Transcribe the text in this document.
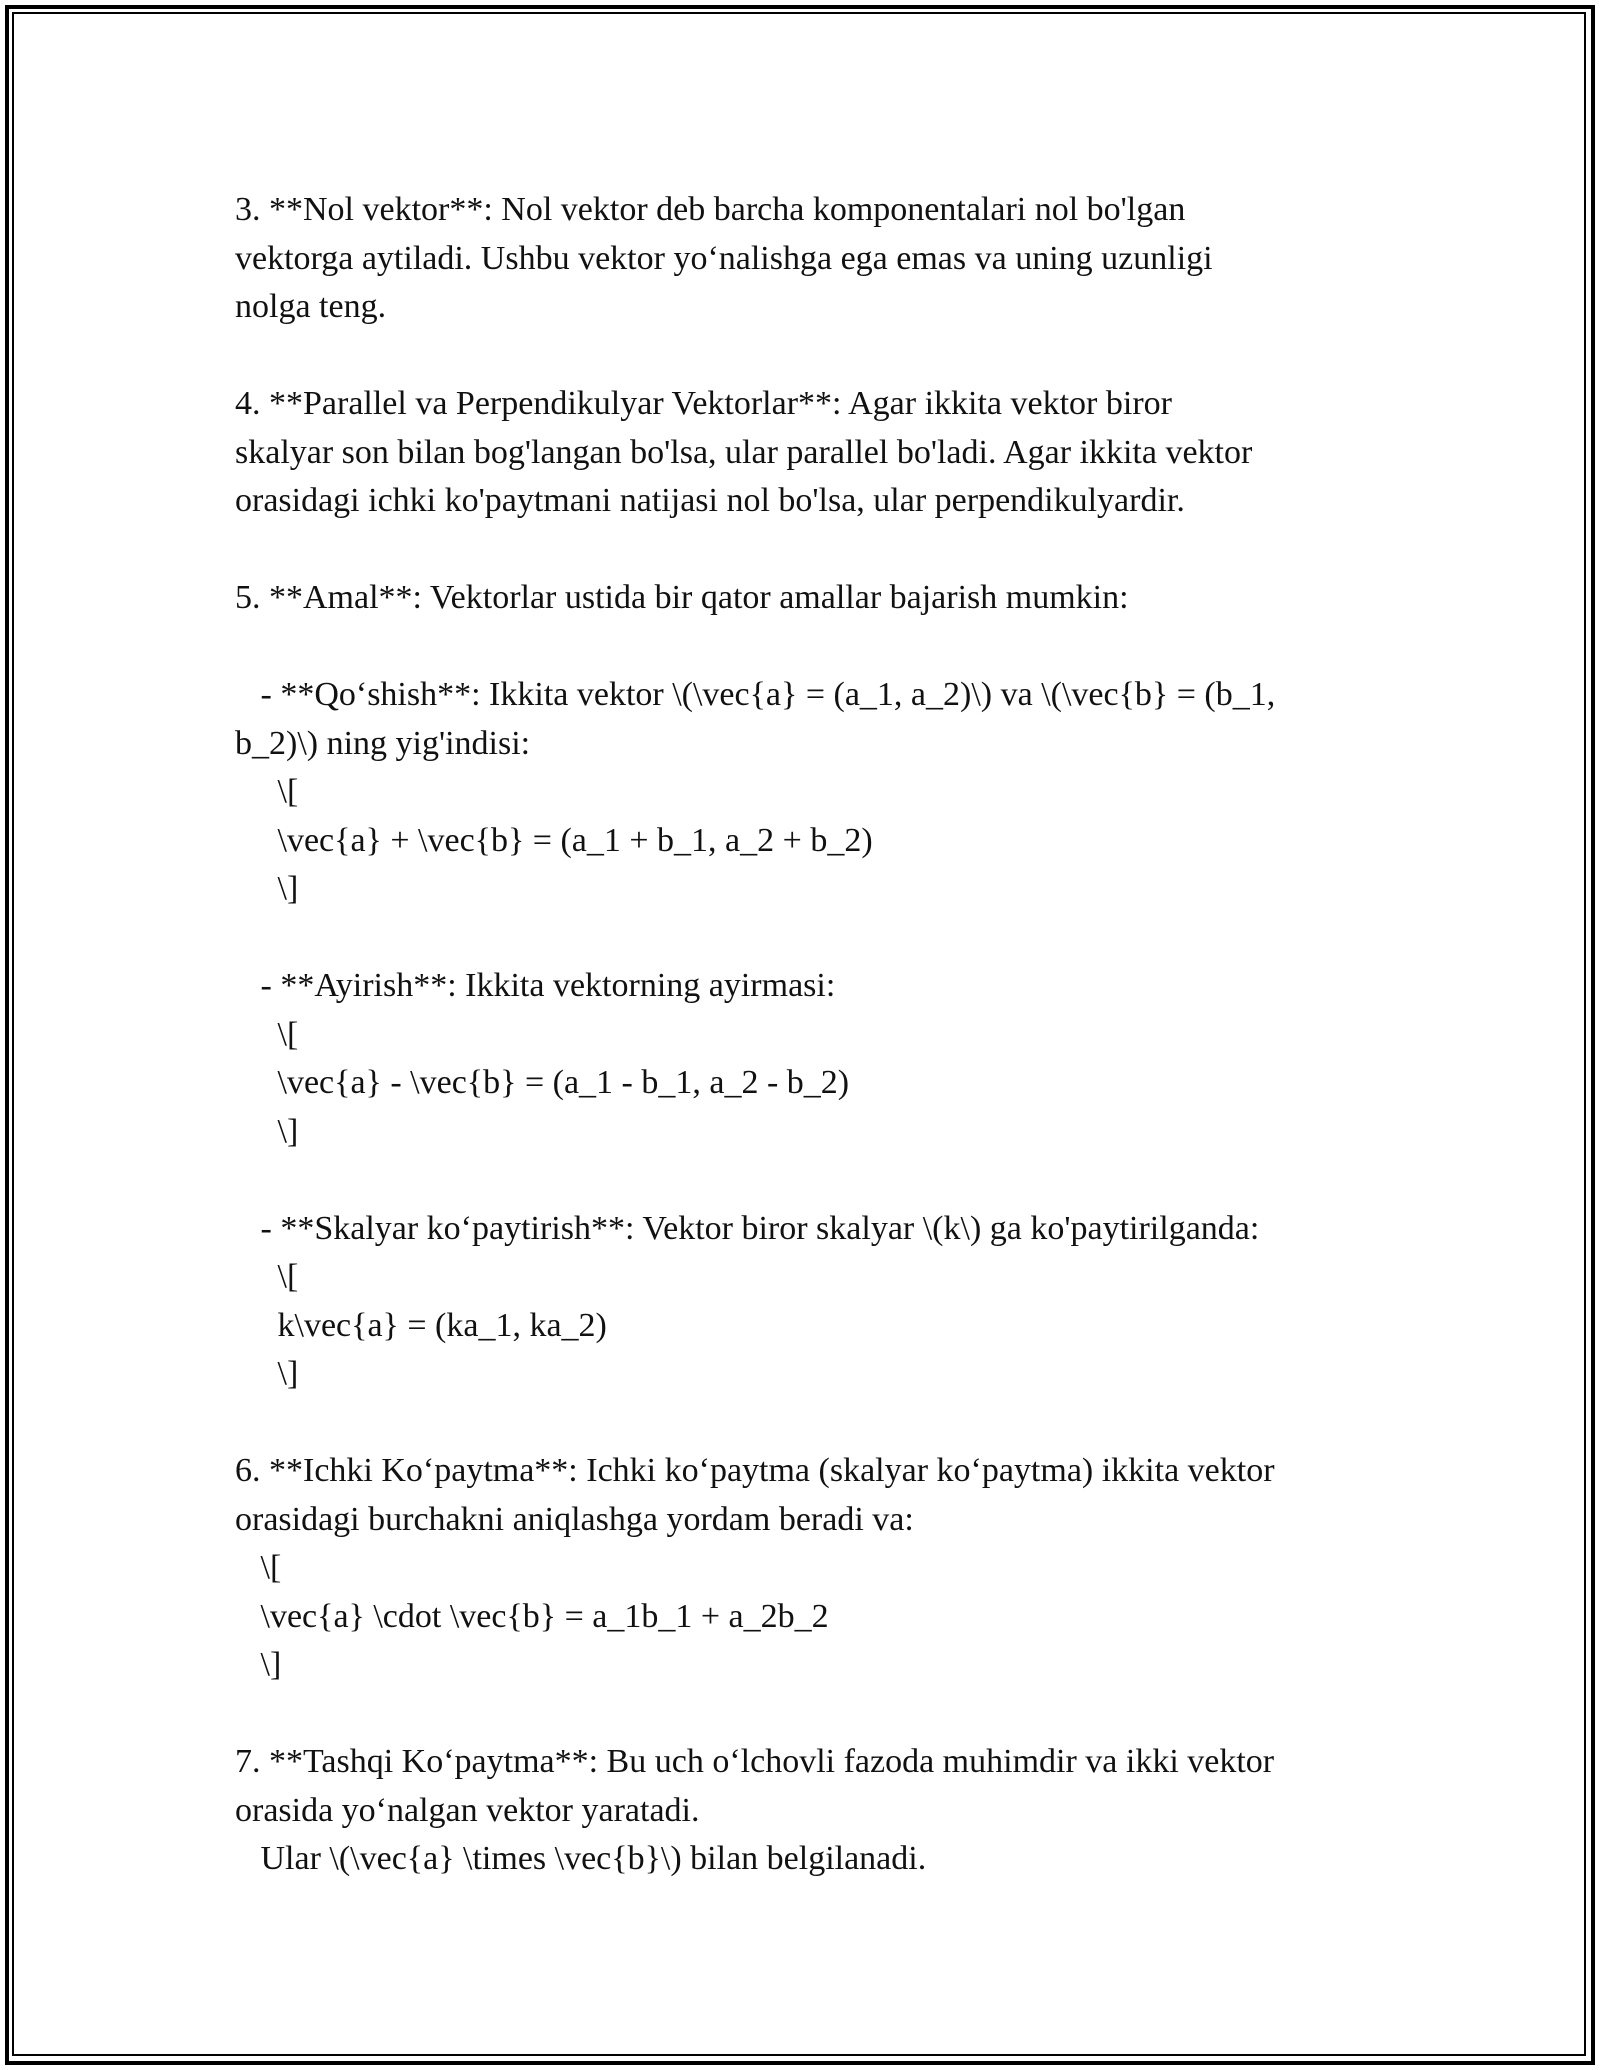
3. **Nol vektor**: Nol vektor deb barcha komponentalari nol bo'lgan
vektorga aytiladi. Ushbu vektor yo‘nalishga ega emas va uning uzunligi
nolga teng.
4. **Parallel va Perpendikulyar Vektorlar**: Agar ikkita vektor biror
skalyar son bilan bog'langan bo'lsa, ular parallel bo'ladi. Agar ikkita vektor
orasidagi ichki ko'paytmani natijasi nol bo'lsa, ular perpendikulyardir.
5. **Amal**: Vektorlar ustida bir qator amallar bajarish mumkin:
- **Qo‘shish**: Ikkita vektor \(\vec{a} = (a_1, a_2)\) va \(\vec{b} = (b_1,
b_2)\) ning yig'indisi:
\[
\vec{a} + \vec{b} = (a_1 + b_1, a_2 + b_2)
\]
- **Ayirish**: Ikkita vektorning ayirmasi:
\[
\vec{a} - \vec{b} = (a_1 - b_1, a_2 - b_2)
\]
- **Skalyar ko‘paytirish**: Vektor biror skalyar \(k\) ga ko'paytirilganda:
\[
k\vec{a} = (ka_1, ka_2)
\]
6. **Ichki Ko‘paytma**: Ichki ko‘paytma (skalyar ko‘paytma) ikkita vektor
orasidagi burchakni aniqlashga yordam beradi va:
\[
\vec{a} \cdot \vec{b} = a_1b_1 + a_2b_2
\]
7. **Tashqi Ko‘paytma**: Bu uch o‘lchovli fazoda muhimdir va ikki vektor
orasida yo‘nalgan vektor yaratadi.
Ular \(\vec{a} \times \vec{b}\) bilan belgilanadi.
